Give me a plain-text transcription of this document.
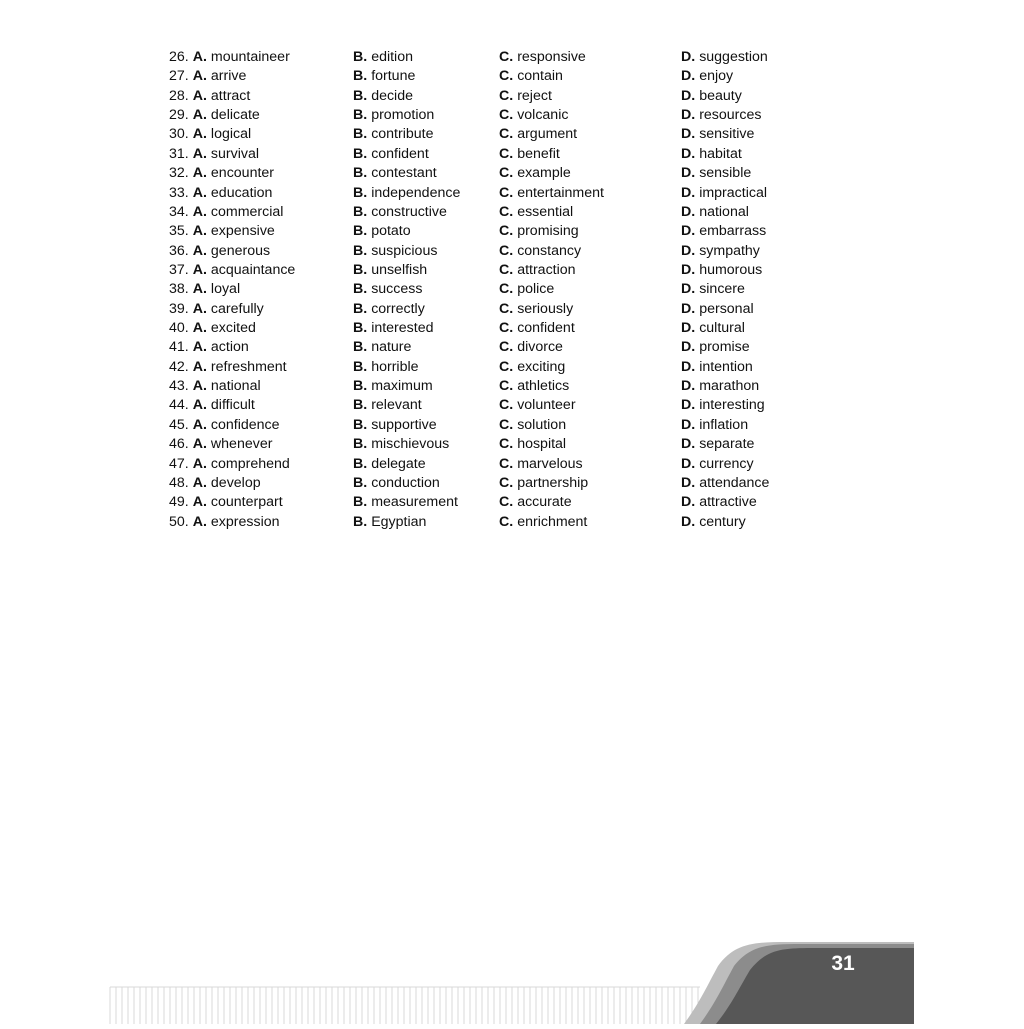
26. A. mountaineer	B. edition	C. responsive	D. suggestion
27. A. arrive	B. fortune	C. contain	D. enjoy
28. A. attract	B. decide	C. reject	D. beauty
29. A. delicate	B. promotion	C. volcanic	D. resources
30. A. logical	B. contribute	C. argument	D. sensitive
31. A. survival	B. confident	C. benefit	D. habitat
32. A. encounter	B. contestant	C. example	D. sensible
33. A. education	B. independence	C. entertainment	D. impractical
34. A. commercial	B. constructive	C. essential	D. national
35. A. expensive	B. potato	C. promising	D. embarrass
36. A. generous	B. suspicious	C. constancy	D. sympathy
37. A. acquaintance	B. unselfish	C. attraction	D. humorous
38. A. loyal	B. success	C. police	D. sincere
39. A. carefully	B. correctly	C. seriously	D. personal
40. A. excited	B. interested	C. confident	D. cultural
41. A. action	B. nature	C. divorce	D. promise
42. A. refreshment	B. horrible	C. exciting	D. intention
43. A. national	B. maximum	C. athletics	D. marathon
44. A. difficult	B. relevant	C. volunteer	D. interesting
45. A. confidence	B. supportive	C. solution	D. inflation
46. A. whenever	B. mischievous	C. hospital	D. separate
47. A. comprehend	B. delegate	C. marvelous	D. currency
48. A. develop	B. conduction	C. partnership	D. attendance
49. A. counterpart	B. measurement	C. accurate	D. attractive
50. A. expression	B. Egyptian	C. enrichment	D. century
31
